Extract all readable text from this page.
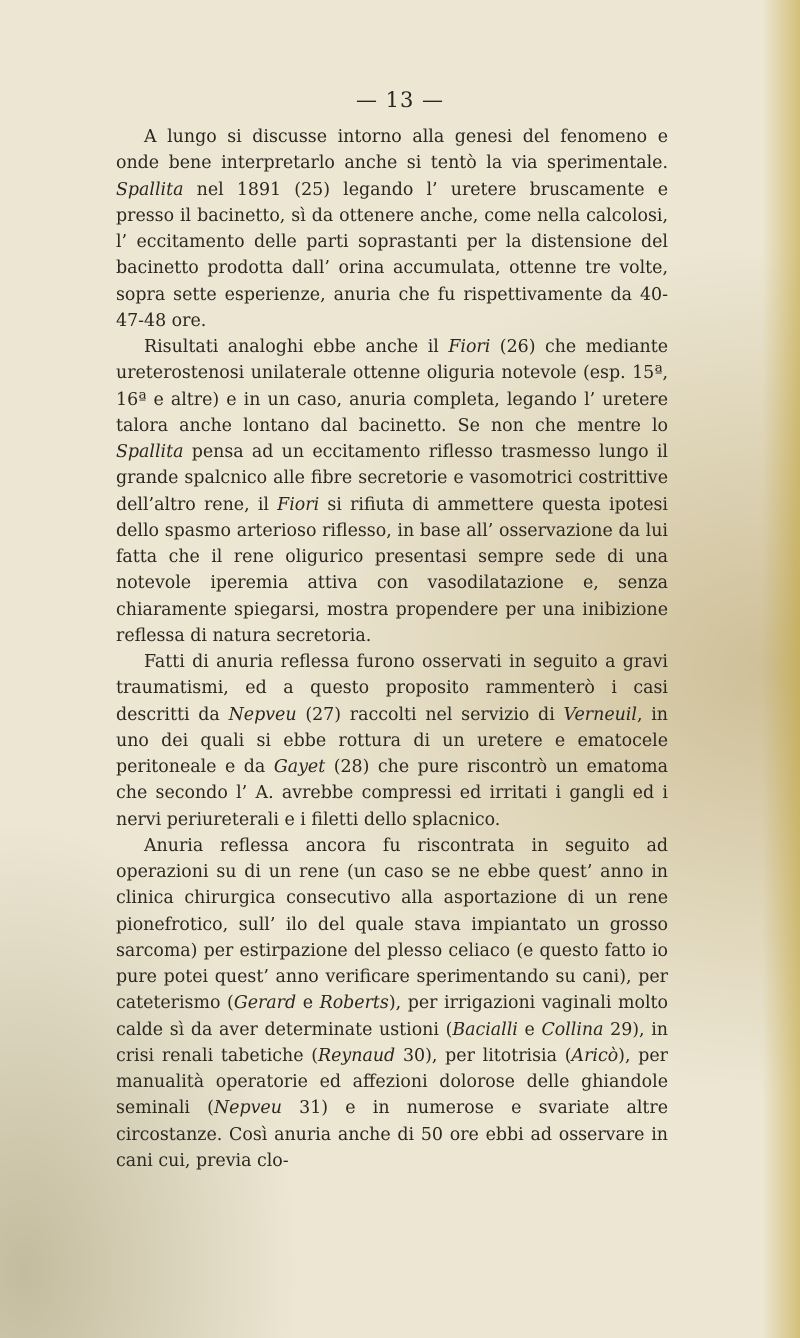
— 13 —

A lungo si discusse intorno alla genesi del fenomeno e onde bene interpretarlo anche si tentò la via sperimentale. Spallita nel 1891 (25) legando l’ uretere bruscamente e presso il bacinetto, sì da ottenere anche, come nella calcolosi, l’ eccitamento delle parti soprastanti per la distensione del bacinetto prodotta dall’ orina accumulata, ottenne tre volte, sopra sette esperienze, anuria che fu rispettivamente da 40-47-48 ore.

Risultati analoghi ebbe anche il Fiori (26) che mediante ureterostenosi unilaterale ottenne oliguria notevole (esp. 15ª, 16ª e altre) e in un caso, anuria completa, legando l’ uretere talora anche lontano dal bacinetto. Se non che mentre lo Spallita pensa ad un eccitamento riflesso trasmesso lungo il grande spalcnico alle fibre secretorie e vasomotrici costrittive dell’altro rene, il Fiori si rifiuta di ammettere questa ipotesi dello spasmo arterioso riflesso, in base all’ osservazione da lui fatta che il rene oligurico presentasi sempre sede di una notevole iperemia attiva con vasodilatazione e, senza chiaramente spiegarsi, mostra propendere per una inibizione reflessa di natura secretoria.

Fatti di anuria reflessa furono osservati in seguito a gravi traumatismi, ed a questo proposito rammenterò i casi descritti da Nepveu (27) raccolti nel servizio di Verneuil, in uno dei quali si ebbe rottura di un uretere e ematocele peritoneale e da Gayet (28) che pure riscontrò un ematoma che secondo l’ A. avrebbe compressi ed irritati i gangli ed i nervi periureterali e i filetti dello splacnico.

Anuria reflessa ancora fu riscontrata in seguito ad operazioni su di un rene (un caso se ne ebbe quest’ anno in clinica chirurgica consecutivo alla asportazione di un rene pionefrotico, sull’ ilo del quale stava impiantato un grosso sarcoma) per estirpazione del plesso celiaco (e questo fatto io pure potei quest’ anno verificare sperimentando su cani), per cateterismo (Gerard e Roberts), per irrigazioni vaginali molto calde sì da aver determinate ustioni (Bacialli e Collina 29), in crisi renali tabetiche (Reynaud 30), per litotrisia (Aricò), per manualità operatorie ed affezioni dolorose delle ghiandole seminali (Nepveu 31) e in numerose e svariate altre circostanze. Così anuria anche di 50 ore ebbi ad osservare in cani cui, previa clo-
